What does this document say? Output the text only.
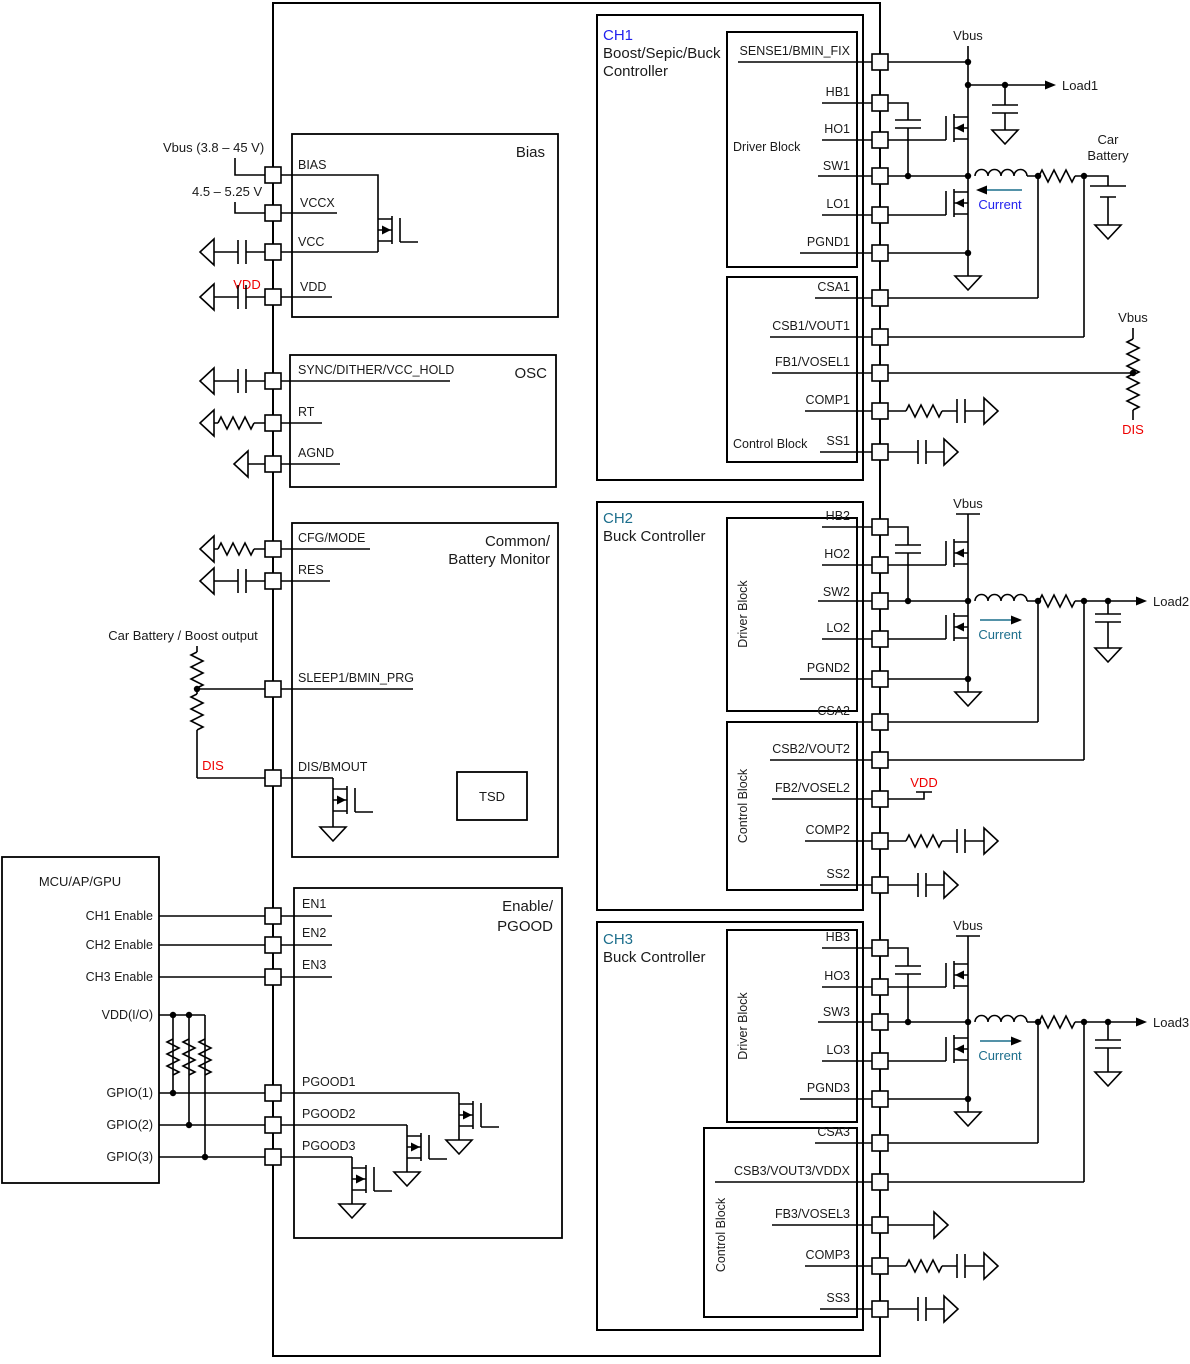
Vbus (3.8 – 45 V)
4.5 – 5.25 V
VDD
Car Battery / Boost output
DIS
MCU/AP/GPU
CH1 Enable
CH2 Enable
CH3 Enable
VDD(I/O)
GPIO(1)
GPIO(2)
GPIO(3)
Bias
BIAS
VCCX
VCC
VDD
OSC
SYNC/DITHER/VCC_HOLD
RT
AGND
Common/
Battery Monitor
CFG/MODE
RES
SLEEP1/BMIN_PRG
DIS/BMOUT
TSD
Enable/
PGOOD
EN1
EN2
EN3
PGOOD1
PGOOD2
PGOOD3
CH1
Boost/Sepic/Buck
Controller
Driver Block
SENSE1/BMIN_FIX
HB1
HO1
SW1
LO1
PGND1
Control Block
CSA1
CSB1/VOUT1
FB1/VOSEL1
COMP1
SS1
Vbus
Load1
Car
Battery
Current
Vbus
DIS
CH2
Buck Controller
Driver Block
HB2
HO2
SW2
LO2
PGND2
Control Block
CSA2
CSB2/VOUT2
FB2/VOSEL2
COMP2
SS2
Vbus
Load2
Current
VDD
CH3
Buck Controller
Driver Block
HB3
HO3
SW3
LO3
PGND3
Control Block
CSA3
CSB3/VOUT3/VDDX
FB3/VOSEL3
COMP3
SS3
Vbus
Load3
Current
